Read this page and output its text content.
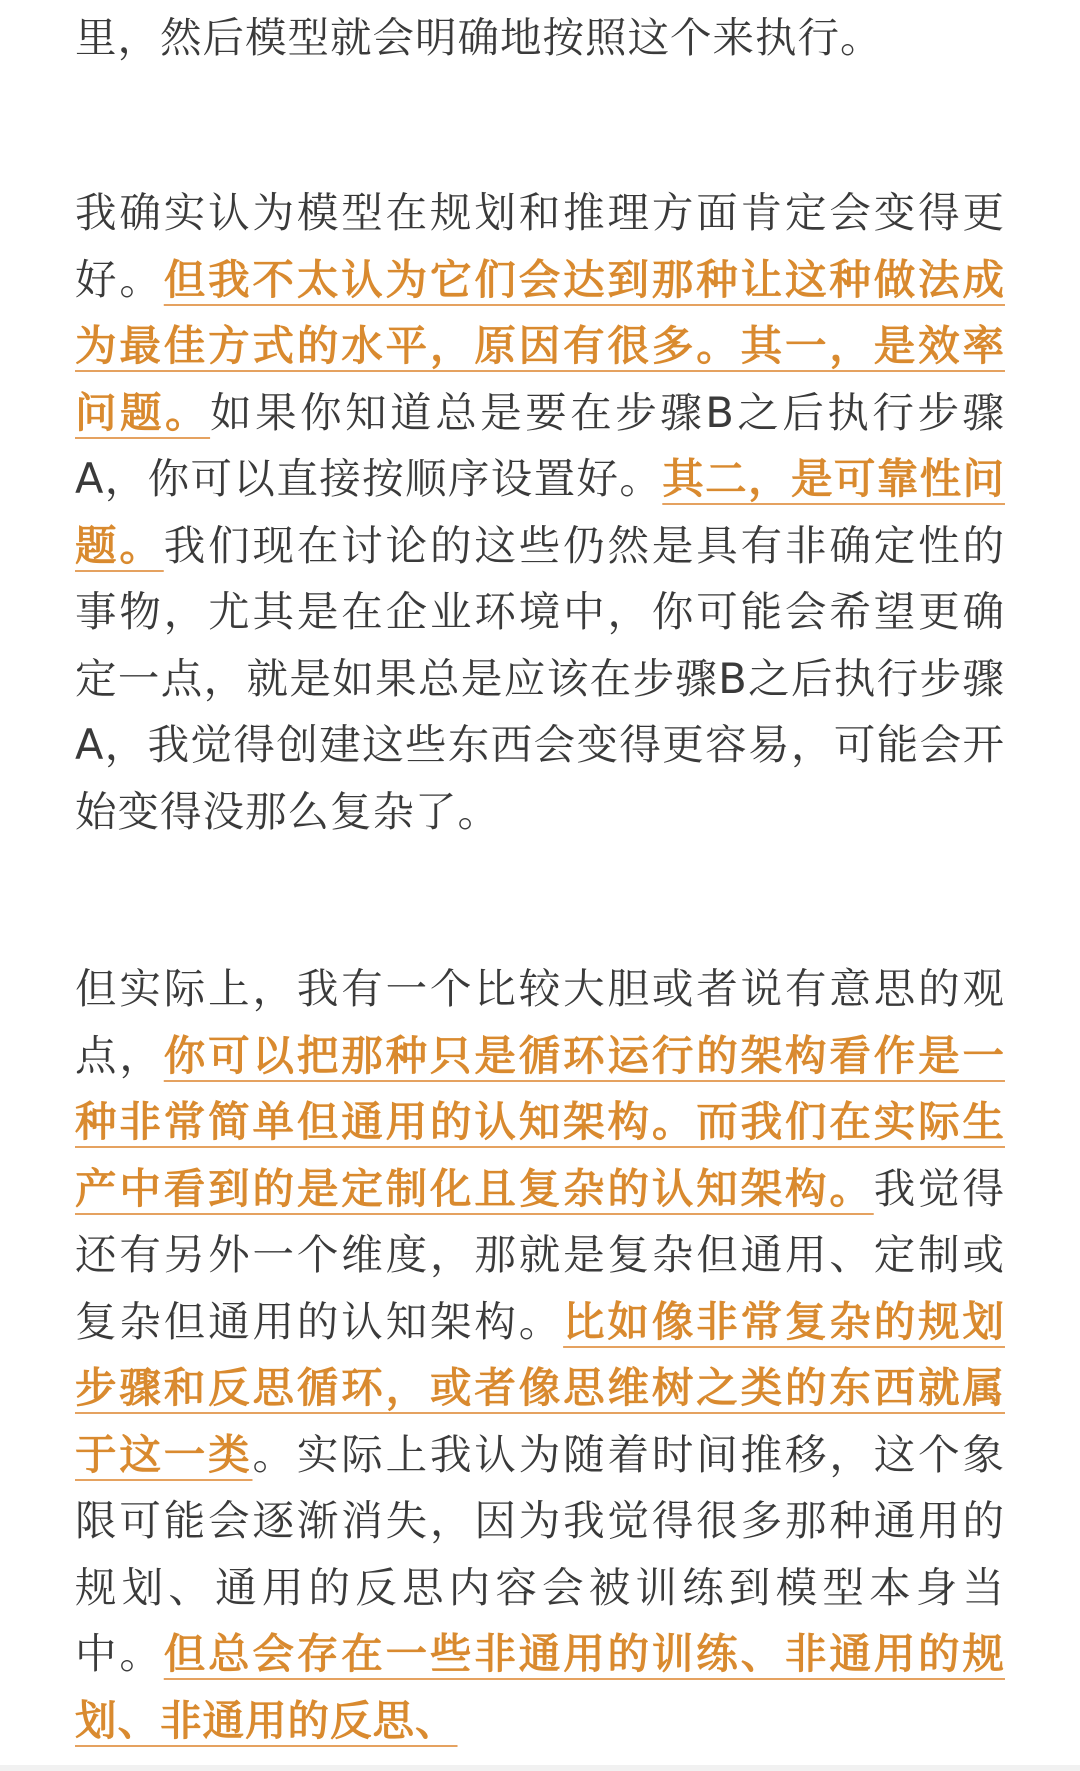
里，然后模型就会明确地按照这个来执行。

我确实认为模型在规划和推理方面肯定会变得更好。但我不太认为它们会达到那种让这种做法成为最佳方式的水平，原因有很多。其一，是效率问题。如果你知道总是要在步骤B之后执行步骤A，你可以直接按顺序设置好。其二，是可靠性问题。我们现在讨论的这些仍然是具有非确定性的事物，尤其是在企业环境中，你可能会希望更确定一点，就是如果总是应该在步骤B之后执行步骤A，我觉得创建这些东西会变得更容易，可能会开始变得没那么复杂了。

但实际上，我有一个比较大胆或者说有意思的观点，你可以把那种只是循环运行的架构看作是一种非常简单但通用的认知架构。而我们在实际生产中看到的是定制化且复杂的认知架构。我觉得还有另外一个维度，那就是复杂但通用、定制或复杂但通用的认知架构。比如像非常复杂的规划步骤和反思循环，或者像思维树之类的东西就属于这一类。实际上我认为随着时间推移，这个象限可能会逐渐消失，因为我觉得很多那种通用的规划、通用的反思内容会被训练到模型本身当中。但总会存在一些非通用的训练、非通用的规划、非通用的反思、
